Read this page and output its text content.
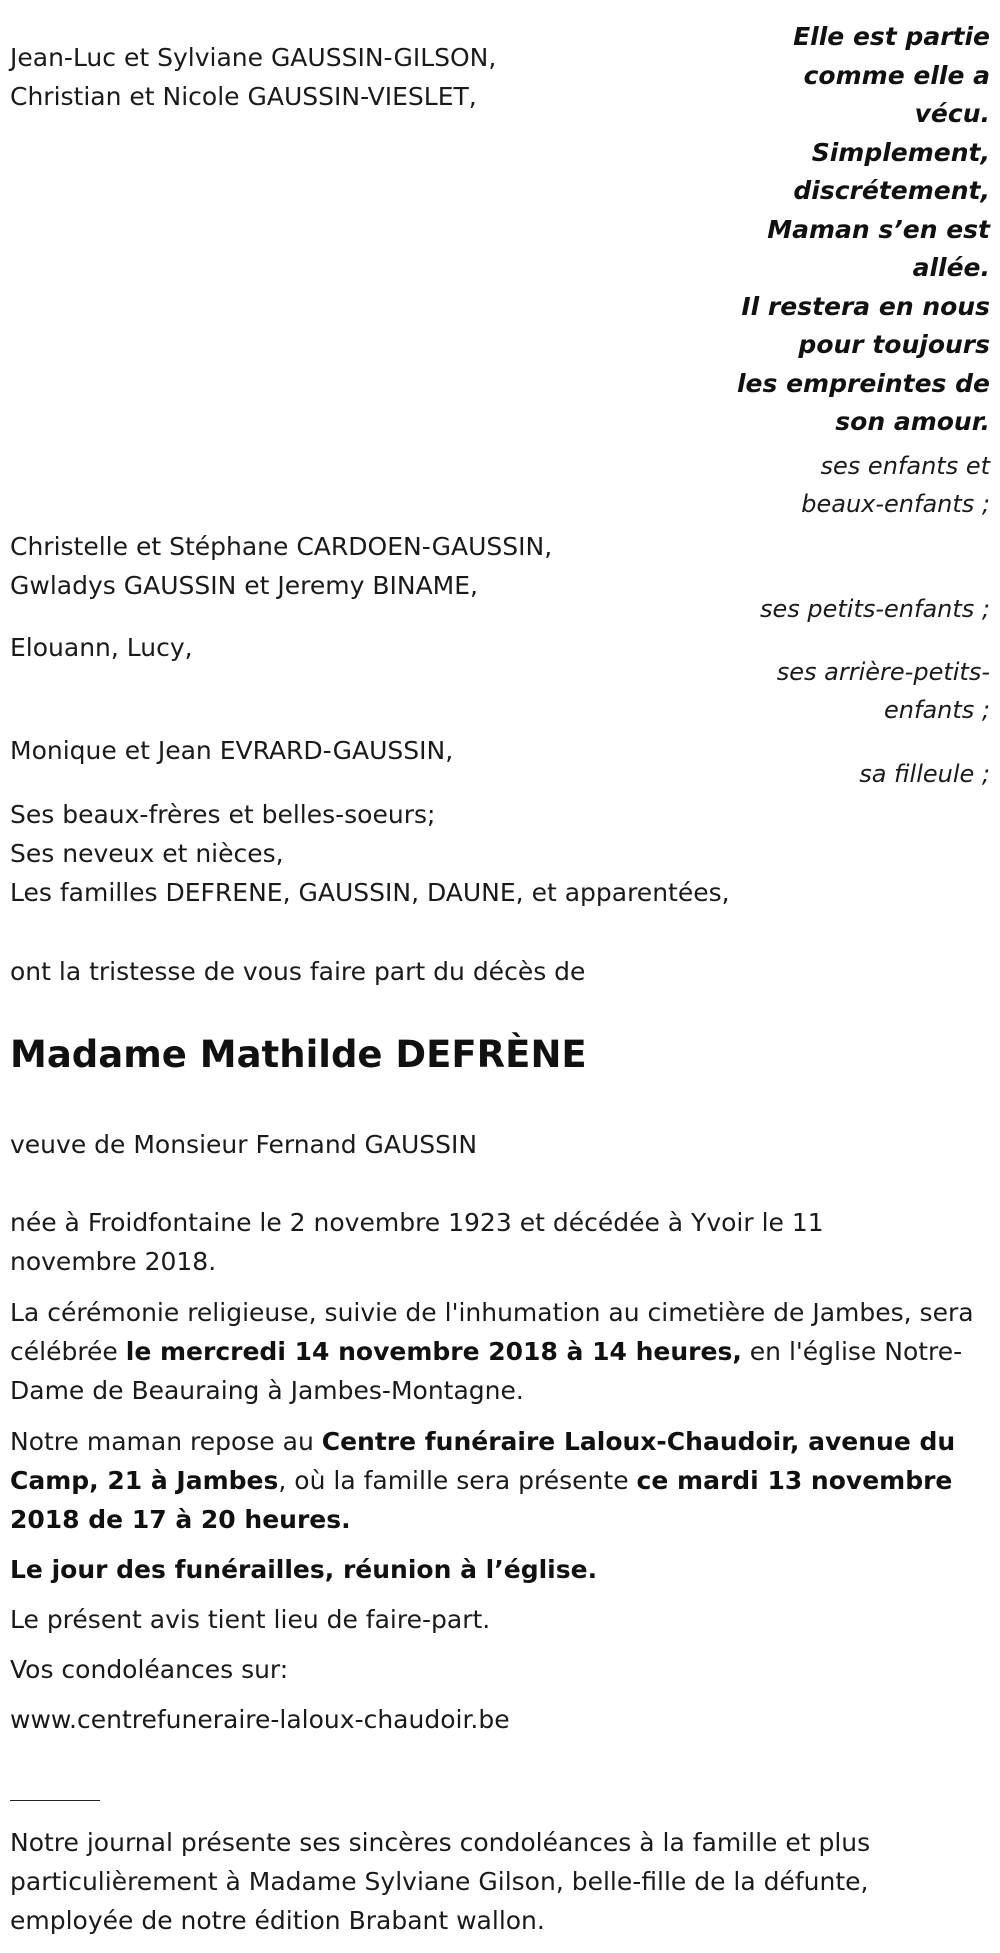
Jean-Luc et Sylviane GAUSSIN-GILSON,
Christian et Nicole GAUSSIN-VIESLET,
Elle est partie
comme elle a
vécu.
Simplement,
discrétement,
Maman s’en est
allée.
Il restera en nous
pour toujours
les empreintes de
son amour.
ses enfants et
beaux-enfants ;
Christelle et Stéphane CARDOEN-GAUSSIN,
Gwladys GAUSSIN et Jeremy BINAME,
ses petits-enfants ;
Elouann, Lucy,
ses arrière-petits-
enfants ;
Monique et Jean EVRARD-GAUSSIN,
sa filleule ;
Ses beaux-frères et belles-soeurs;
Ses neveux et nièces,
Les familles DEFRENE, GAUSSIN, DAUNE, et apparentées,
ont la tristesse de vous faire part du décès de
Madame Mathilde DEFRÈNE
veuve de Monsieur Fernand GAUSSIN
née à Froidfontaine le 2 novembre 1923 et décédée à Yvoir le 11 novembre 2018.
La cérémonie religieuse, suivie de l'inhumation au cimetière de Jambes, sera célébrée le mercredi 14 novembre 2018 à 14 heures, en l'église Notre-Dame de Beauraing à Jambes-Montagne.
Notre maman repose au Centre funéraire Laloux-Chaudoir, avenue du Camp, 21 à Jambes, où la famille sera présente ce mardi 13 novembre 2018 de 17 à 20 heures.
Le jour des funérailles, réunion à l’église.
Le présent avis tient lieu de faire-part.
Vos condoléances sur:
www.centrefuneraire-laloux-chaudoir.be
Notre journal présente ses sincères condoléances à la famille et plus particulièrement à Madame Sylviane Gilson, belle-fille de la défunte, employée de notre édition Brabant wallon.
